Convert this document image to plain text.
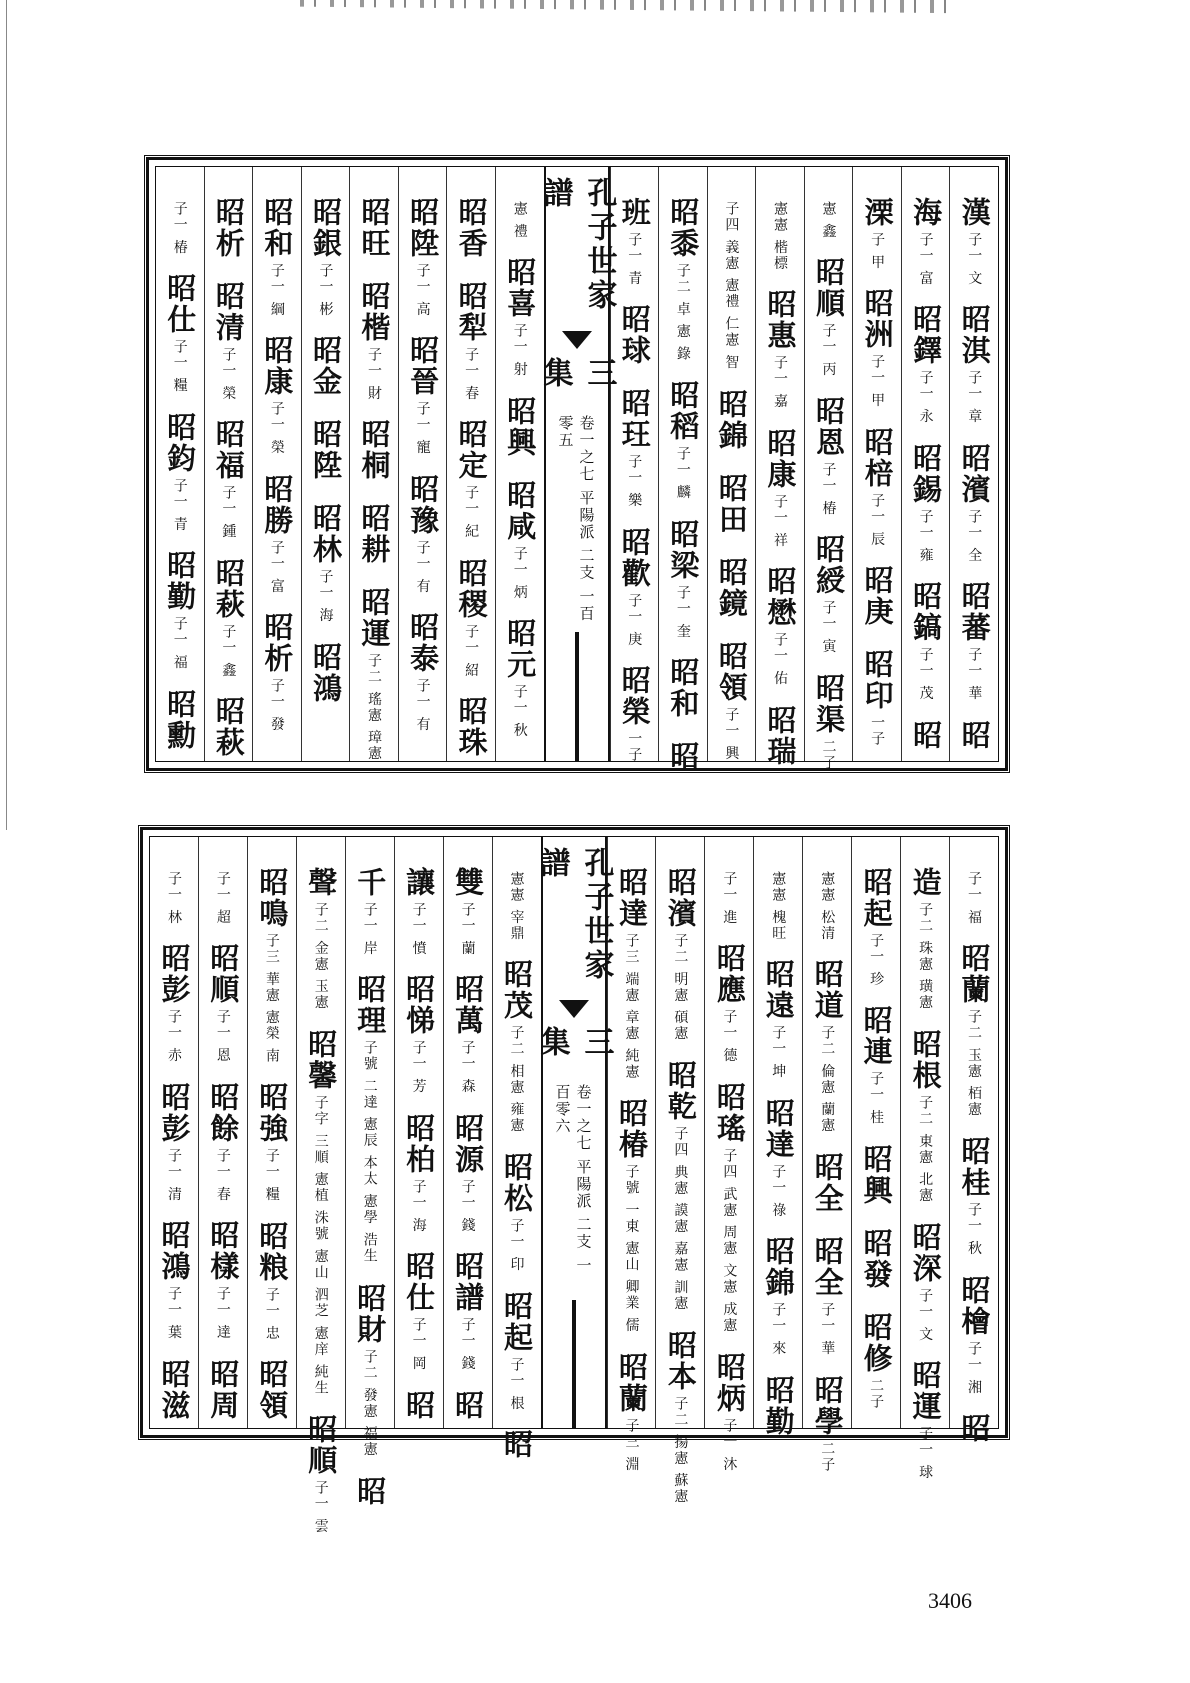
漢
子一 文
昭淇
子一 章
昭濱
子一 全
昭蕃
子一 華
昭
海
子一 富
昭鐸
子一 永
昭錫
子一 雍
昭鎬
子一 茂
昭
溧
子 甲
昭洲
子一 甲
昭棓
子一 辰
昭庚
昭印
一子
憲 鑫
昭順
子一 丙
昭恩
子一 椿
昭綬
子一 寅
昭渠
二子
憲憲 楷標
昭惠
子一 嘉
昭康
子一 祥
昭懋
子一 佑
昭瑞
子四 義憲 憲禮 仁憲 智
昭錦
昭田
昭鏡
昭領
子一 興
昭黍
子二 卓 憲 錄
昭稻
子一 麟
昭梁
子一 奎
昭和
昭
班
子一 青
昭球
昭玨
子一 樂
昭歡
子一 庚
昭榮
一子
孔子世家譜
三集
卷一之七 平陽派 二支 一百零五
憲 禮
昭喜
子一 射
昭興
昭咸
子一 炳
昭元
子一 秋
昭香
昭犁
子一 春
昭定
子一 紀
昭稷
子一 紹
昭珠
昭陞
子一 高
昭晉
子一 寵
昭豫
子一 有
昭泰
子一 有
昭旺
昭楷
子一 財
昭桐
昭耕
昭運
子二 瑤憲 璋憲
昭銀
子一 彬
昭金
昭陞
昭林
子一 海
昭鴻
昭和
子一 綱
昭康
子一 榮
昭勝
子一 富
昭析
子一 發
昭析
昭清
子一 榮
昭福
子一 鍾
昭萩
子一 鑫
昭萩
子一 椿
昭仕
子一 糧
昭鈞
子一 青
昭勤
子一 福
昭勳
子一 福
昭蘭
子二 玉憲 栢憲
昭桂
子一 秋
昭檜
子一 湘
昭
造
子二 珠憲 璜憲
昭根
子二 東憲 北憲
昭深
子一 文
昭運
子一 球
昭起
子一 珍
昭連
子一 桂
昭興
昭發
昭修
二子
憲憲 松清
昭道
子二 倫憲 蘭憲
昭全
昭全
子一 華
昭學
二子
憲憲 槐旺
昭遠
子一 坤
昭達
子一 祿
昭錦
子一 來
昭勤
子一 進
昭應
子一 德
昭瑤
子四 武憲 周憲 文憲 成憲
昭炳
子一 沐
昭濱
子二 明憲 碩憲
昭乾
子四 典憲 謨憲 嘉憲 訓憲
昭本
子二 揚憲 蘇憲
昭達
子三 端憲 章憲 純憲
昭椿
子號 一東 憲山 卿業 儒
昭蘭
子三 淵
孔子世家譜
三集
卷一之七 平陽派 二支 一百零六
憲憲 宰鼎
昭茂
子二 相憲 雍憲
昭松
子一 印
昭起
子一 根
昭
雙
子一 蘭
昭萬
子一 森
昭源
子一 錢
昭譜
子一 錢
昭
讓
子一 憤
昭悌
子一 芳
昭柏
子一 海
昭仕
子一 岡
昭
千
子一 岸
昭理
子號 二達 憲辰 本太 憲學 浩生
昭財
子二 發憲 福憲
昭
聲
子二 金憲 玉憲
昭馨
子字 三順 憲植 洙號 憲山 泗芝 憲庠 純生
昭順
子一 雲
昭鳴
子三 華憲 憲榮 南
昭強
子一 糧
昭粮
子一 忠
昭領
子一 超
昭順
子一 恩
昭餘
子一 春
昭樣
子一 達
昭周
子一 林
昭彭
子一 赤
昭彭
子一 清
昭鴻
子一 葉
昭滋
3406
